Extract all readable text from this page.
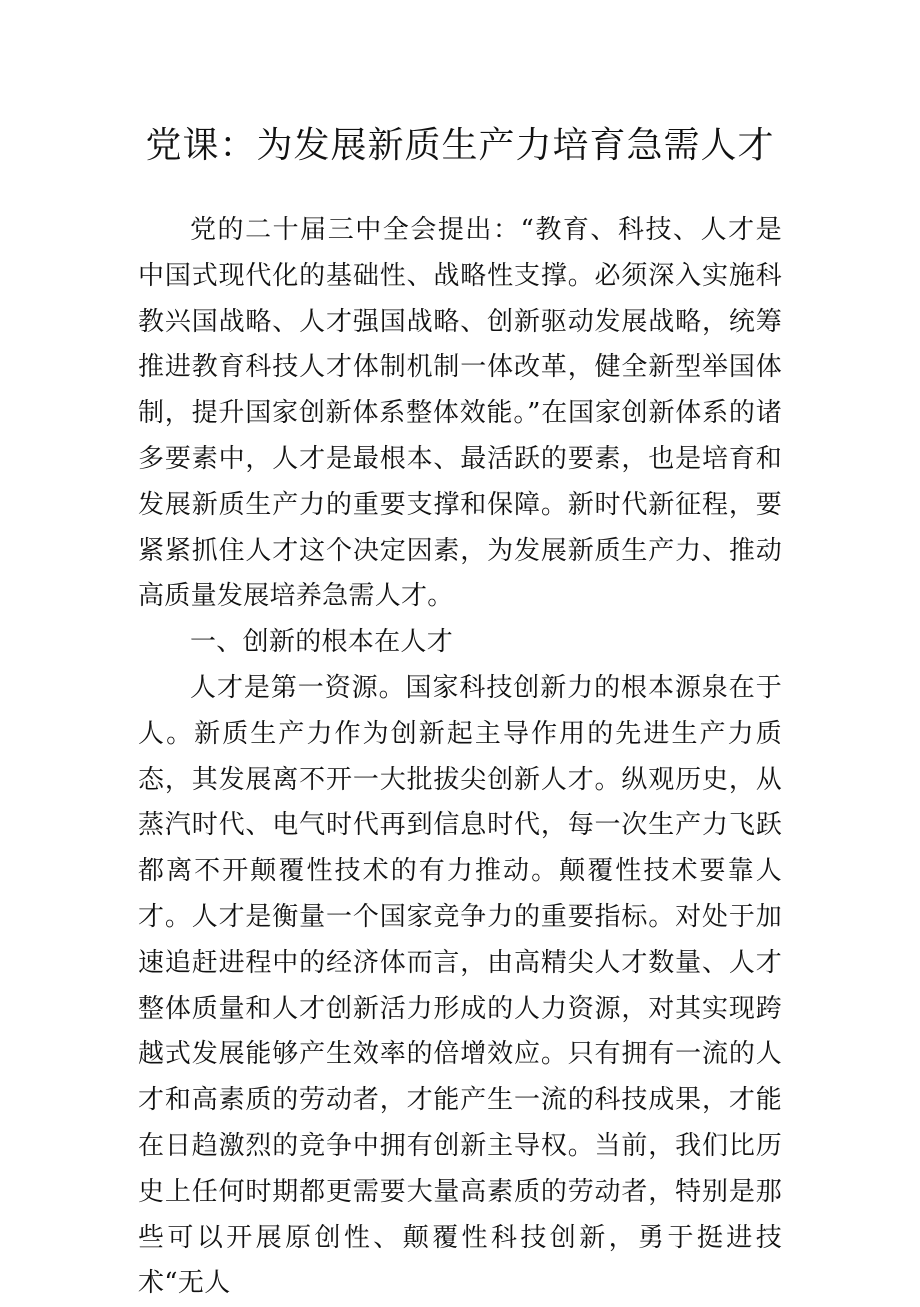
党课：为发展新质生产力培育急需人才

党的二十届三中全会提出：“教育、科技、人才是中国式现代化的基础性、战略性支撑。必须深入实施科教兴国战略、人才强国战略、创新驱动发展战略，统筹推进教育科技人才体制机制一体改革，健全新型举国体制，提升国家创新体系整体效能。”在国家创新体系的诸多要素中，人才是最根本、最活跃的要素，也是培育和发展新质生产力的重要支撑和保障。新时代新征程，要紧紧抓住人才这个决定因素，为发展新质生产力、推动高质量发展培养急需人才。

一、创新的根本在人才

人才是第一资源。国家科技创新力的根本源泉在于人。新质生产力作为创新起主导作用的先进生产力质态，其发展离不开一大批拔尖创新人才。纵观历史，从蒸汽时代、电气时代再到信息时代，每一次生产力飞跃都离不开颠覆性技术的有力推动。颠覆性技术要靠人才。人才是衡量一个国家竞争力的重要指标。对处于加速追赶进程中的经济体而言，由高精尖人才数量、人才整体质量和人才创新活力形成的人力资源，对其实现跨越式发展能够产生效率的倍增效应。只有拥有一流的人才和高素质的劳动者，才能产生一流的科技成果，才能在日趋激烈的竞争中拥有创新主导权。当前，我们比历史上任何时期都更需要大量高素质的劳动者，特别是那些可以开展原创性、颠覆性科技创新，勇于挺进技术“无人
